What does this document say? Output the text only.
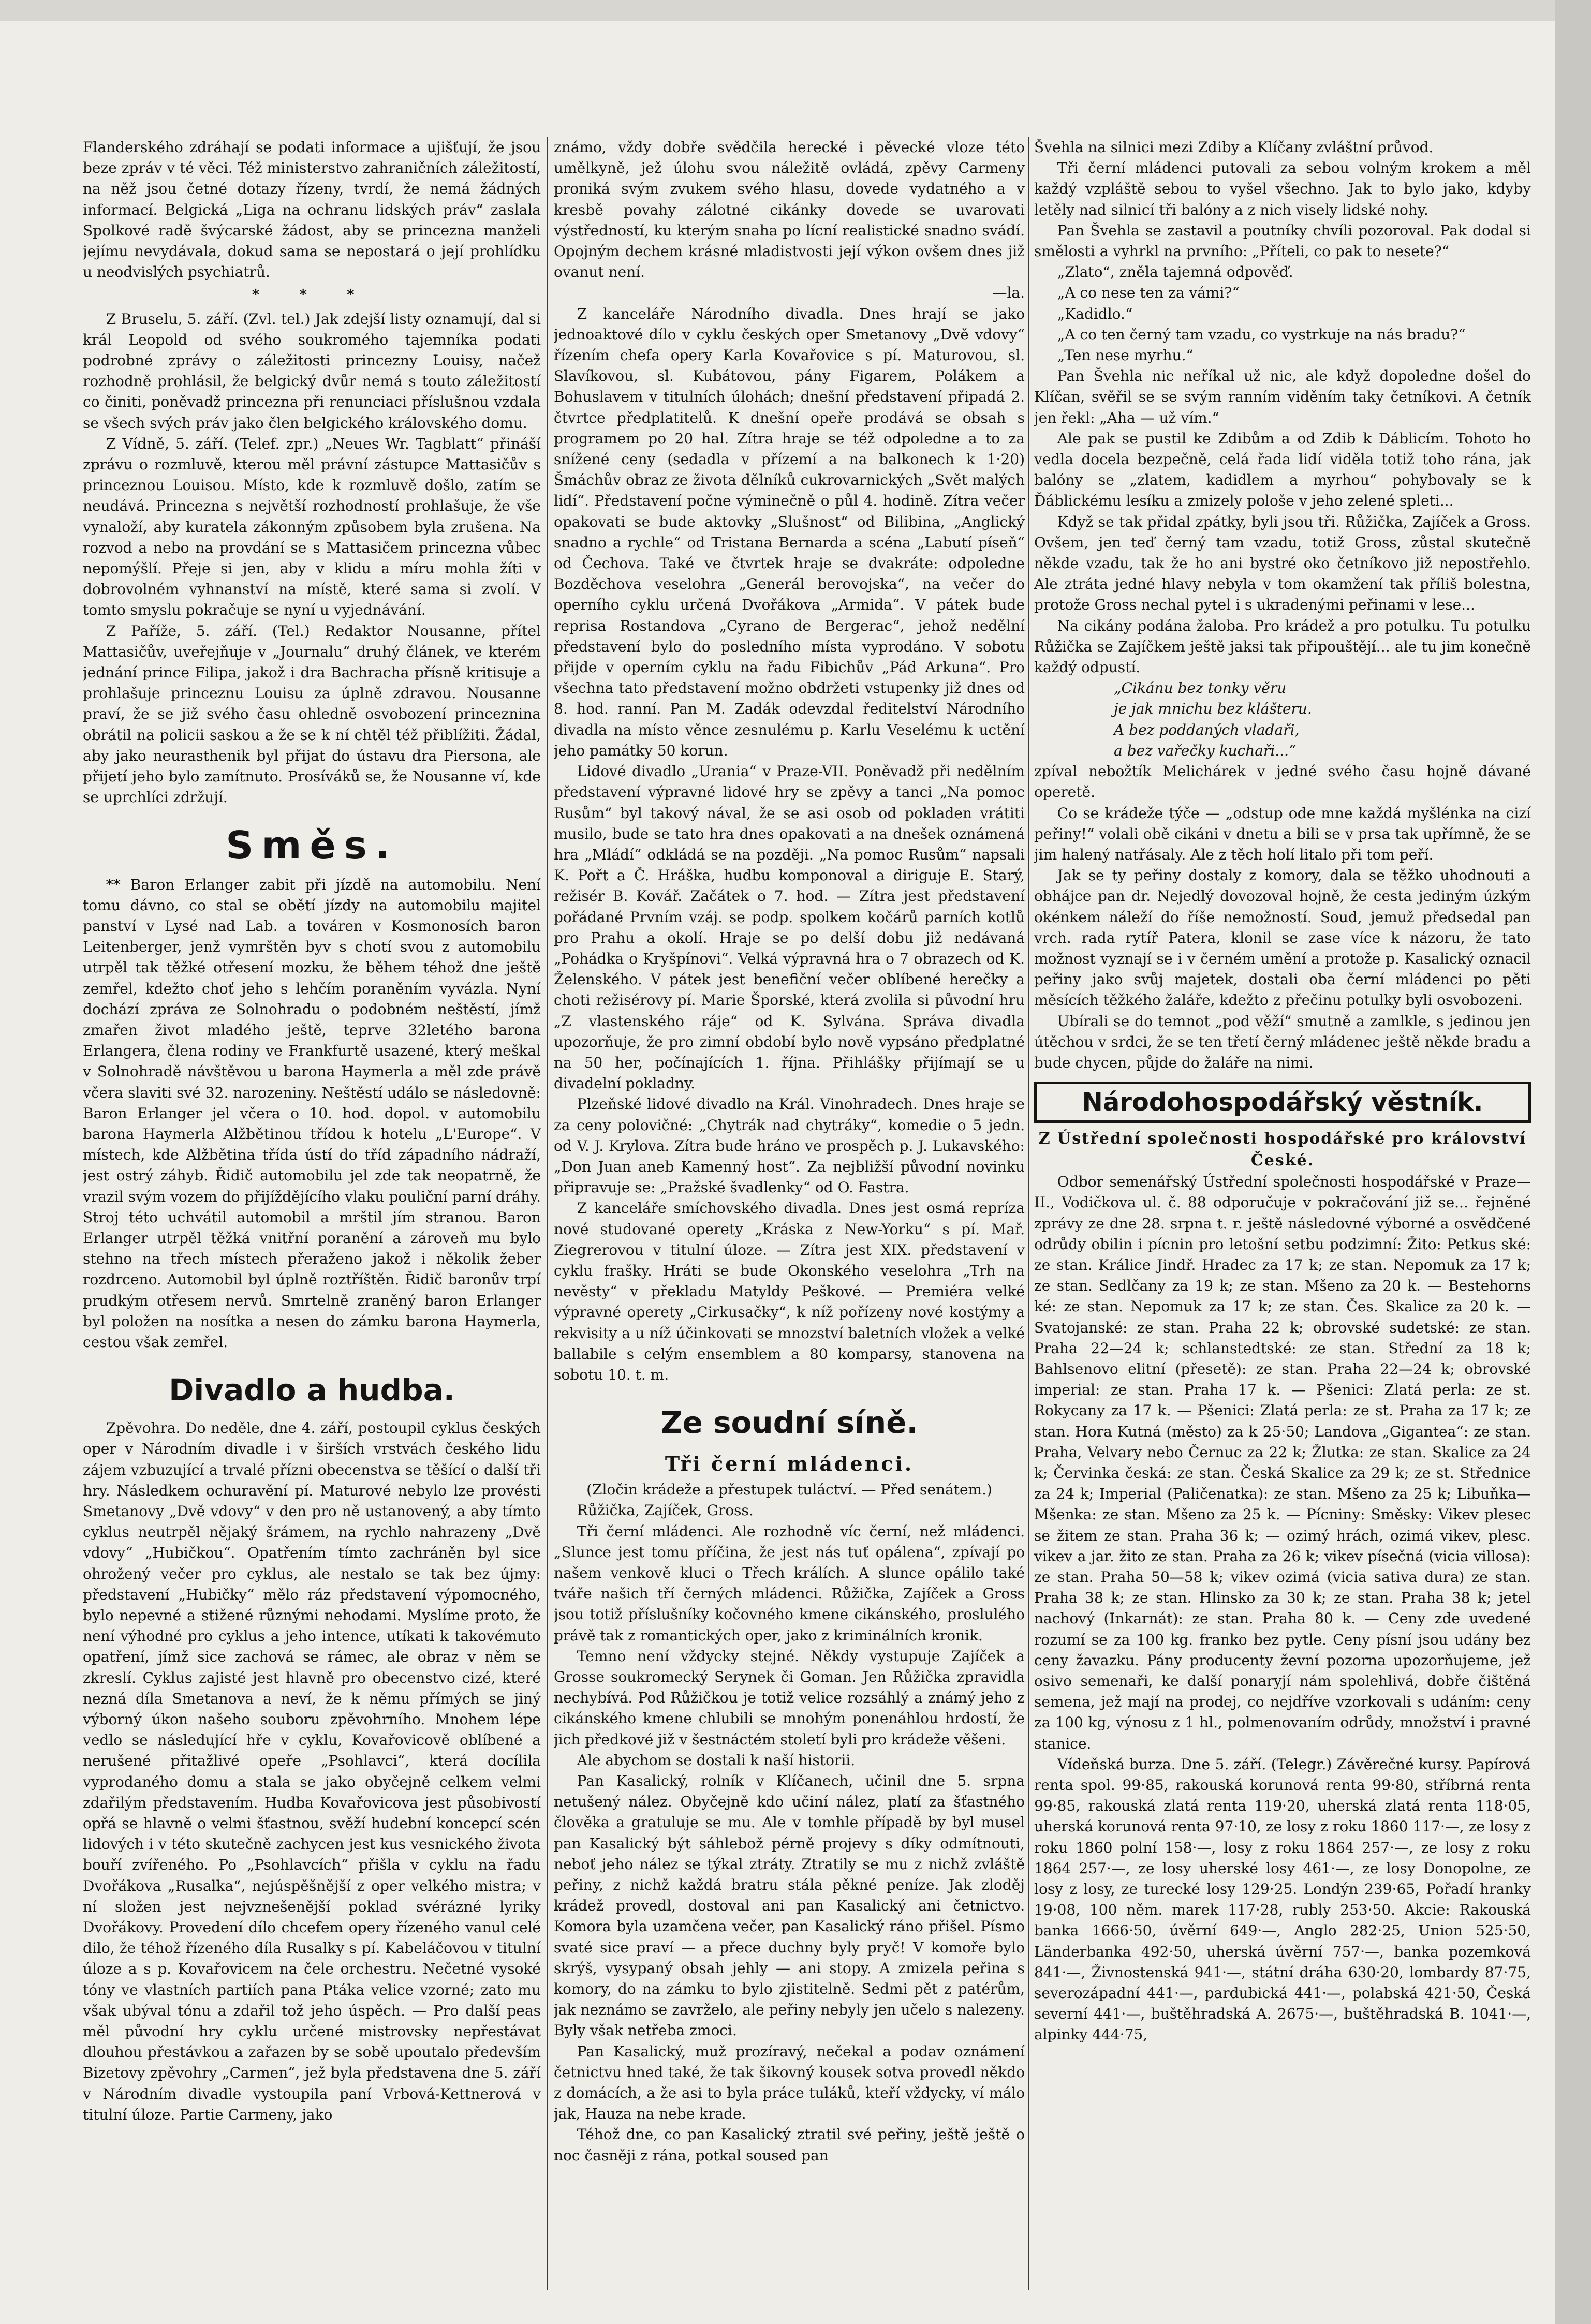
Flanderského zdráhají se podati informace a ujišťují, že jsou beze zpráv v té věci. Též ministerstvo zahraničních záležitostí, na něž jsou četné dotazy řízeny, tvrdí, že nemá žádných informací. Belgická „Liga na ochranu lidských práv“ zaslala Spolkové radě švýcarské žádost, aby se princezna manželi jejímu nevydávala, dokud sama se nepostará o její prohlídku u neodvislých psychiatrů.

* * *

Z Bruselu, 5. září. (Zvl. tel.) Jak zdejší listy oznamují, dal si král Leopold od svého soukromého tajemníka podati podrobné zprávy o záležitosti princezny Louisy, načež rozhodně prohlásil, že belgický dvůr nemá s touto záležitostí co činiti, poněvadž princezna při renunciaci příslušnou vzdala se všech svých práv jako člen belgického královského domu.

Z Vídně, 5. září. (Telef. zpr.) „Neues Wr. Tagblatt“ přináší zprávu o rozmluvě, kterou měl právní zástupce Mattasičův s princeznou Louisou. Místo, kde k rozmluvě došlo, zatím se neudává. Princezna s největší rozhodností prohlašuje, že vše vynaloží, aby kuratela zákonným způsobem byla zrušena. Na rozvod a nebo na provdání se s Mattasičem princezna vůbec nepomýšlí. Přeje si jen, aby v klidu a míru mohla žíti v dobrovolném vyhnanství na místě, které sama si zvolí. V tomto smyslu pokračuje se nyní u vyjednávání.

Z Paříže, 5. září. (Tel.) Redaktor Nousanne, přítel Mattasičův, uveřejňuje v „Journalu“ druhý článek, ve kterém jednání prince Filipa, jakož i dra Bachracha přísně kritisuje a prohlašuje princeznu Louisu za úplně zdravou. Nousanne praví, že se již svého času ohledně osvobození princeznina obrátil na policii saskou a že se k ní chtěl též přiblížiti. Žádal, aby jako neurasthenik byl přijat do ústavu dra Piersona, ale přijetí jeho bylo zamítnuto. Prosíváků se, že Nousanne ví, kde se uprchlíci zdržují.

Směs.

** Baron Erlanger zabit při jízdě na automobilu. Není tomu dávno, co stal se obětí jízdy na automobilu majitel panství v Lysé nad Lab. a továren v Kosmonosích baron Leitenberger, jenž vymrštěn byv s chotí svou z automobilu utrpěl tak těžké otřesení mozku, že během téhož dne ještě zemřel, kdežto choť jeho s lehčím poraněním vyvázla. Nyní dochází zpráva ze Solnohradu o podobném neštěstí, jímž zmařen život mladého ještě, teprve 32letého barona Erlangera, člena rodiny ve Frankfurtě usazené, který meškal v Solnohradě návštěvou u barona Haymerla a měl zde právě včera slaviti své 32. narozeniny. Neštěstí událo se následovně: Baron Erlanger jel včera o 10. hod. dopol. v automobilu barona Haymerla Alžbětinou třídou k hotelu „L'Europe“. V místech, kde Alžbětina třída ústí do tříd západního nádraží, jest ostrý záhyb. Řidič automobilu jel zde tak neopatrně, že vrazil svým vozem do přijíždějícího vlaku pouliční parní dráhy. Stroj této uchvátil automobil a mrštil jím stranou. Baron Erlanger utrpěl těžká vnitřní poranění a zároveň mu bylo stehno na třech místech přeraženo jakož i několik žeber rozdrceno. Automobil byl úplně roztříštěn. Řidič baronův trpí prudkým otřesem nervů. Smrtelně zraněný baron Erlanger byl položen na nosítka a nesen do zámku barona Haymerla, cestou však zemřel.

Divadlo a hudba.

Zpěvohra. Do neděle, dne 4. září, postoupil cyklus českých oper v Národním divadle i v širších vrstvách českého lidu zájem vzbuzující a trvalé přízni obecenstva se těšící o další tři hry. Následkem ochuravění pí. Maturové nebylo lze provésti Smetanovy „Dvě vdovy“ v den pro ně ustanovený, a aby tímto cyklus neutrpěl nějaký šrámem, na rychlo nahrazeny „Dvě vdovy“ „Hubičkou“. Opatřením tímto zachráněn byl sice ohrožený večer pro cyklus, ale nestalo se tak bez újmy: představení „Hubičky“ mělo ráz představení výpomocného, bylo nepevné a stižené různými nehodami. Myslíme proto, že není výhodné pro cyklus a jeho intence, utíkati k takovémuto opatření, jímž sice zachová se rámec, ale obraz v něm se zkreslí. Cyklus zajisté jest hlavně pro obecenstvo cizé, které nezná díla Smetanova a neví, že k němu přímých se jiný výborný úkon našeho souboru zpěvohrního. Mnohem lépe vedlo se následující hře v cyklu, Kovařovicově oblíbené a nerušené přitažlivé opeře „Psohlavci“, která docílila vyprodaného domu a stala se jako obyčejně celkem velmi zdařilým představením. Hudba Kovařovicova jest působivostí opřá se hlavně o velmi šťastnou, svěží hudební koncepcí scén lidových i v této skutečně zachycen jest kus vesnického života bouří zvířeného. Po „Psohlavcích“ přišla v cyklu na řadu Dvořákova „Rusalka“, nejúspěšnější z oper velkého mistra; v ní složen jest nejvznešenější poklad svérázné lyriky Dvořákovy. Provedení dílo chcefem opery řízeného vanul celé dilo, že téhož řízeného díla Rusalky s pí. Kabeláčovou v titulní úloze a s p. Kovařovicem na čele orchestru. Nečetné vysoké tóny ve vlastních partiích pana Ptáka velice vzorné; zato mu však ubýval tónu a zdařil tož jeho úspěch. — Pro další peas měl původní hry cyklu určené mistrovsky nepřestávat dlouhou přestávkou a zařazen by se sobě upoutalo především Bizetovy zpěvohry „Carmen“, jež byla představena dne 5. září v Národním divadle vystoupila paní Vrbová-Kettnerová v titulní úloze. Partie Carmeny, jako

známo, vždy dobře svědčila herecké i pěvecké vloze této umělkyně, jež úlohu svou náležitě ovládá, zpěvy Carmeny proniká svým zvukem svého hlasu, dovede vydatného a v kresbě povahy zálotné cikánky dovede se uvarovati výstředností, ku kterým snaha po lícní realistické snadno svádí. Opojným dechem krásné mladistvosti její výkon ovšem dnes již ovanut není.

—la.

Z kanceláře Národního divadla. Dnes hrají se jako jednoaktové dílo v cyklu českých oper Smetanovy „Dvě vdovy“ řízením chefa opery Karla Kovařovice s pí. Maturovou, sl. Slavíkovou, sl. Kubátovou, pány Figarem, Polákem a Bohuslavem v titulních úlohách; dnešní představení připadá 2. čtvrtce předplatitelů. K dnešní opeře prodává se obsah s programem po 20 hal. Zítra hraje se též odpoledne a to za snížené ceny (sedadla v přízemí a na balkonech k 1·20) Šmáchův obraz ze života dělníků cukrovarnických „Svět malých lidí“. Představení počne výminečně o půl 4. hodině. Zítra večer opakovati se bude aktovky „Slušnost“ od Bilibina, „Anglický snadno a rychle“ od Tristana Bernarda a scéna „Labutí píseň“ od Čechova. Také ve čtvrtek hraje se dvakráte: odpoledne Bozděchova veselohra „Generál berovojska“, na večer do operního cyklu určená Dvořákova „Armida“. V pátek bude reprisa Rostandova „Cyrano de Bergerac“, jehož nedělní představení bylo do posledního místa vyprodáno. V sobotu přijde v operním cyklu na řadu Fibichův „Pád Arkuna“. Pro všechna tato představení možno obdržeti vstupenky již dnes od 8. hod. ranní. Pan M. Zadák odevzdal ředitelství Národního divadla na místo věnce zesnulému p. Karlu Veselému k uctění jeho památky 50 korun.

Lidové divadlo „Urania“ v Praze-VII. Poněvadž při nedělním představení výpravné lidové hry se zpěvy a tanci „Na pomoc Rusům“ byl takový nával, že se asi osob od pokladen vrátiti musilo, bude se tato hra dnes opakovati a na dnešek oznámená hra „Mládí“ odkládá se na později. „Na pomoc Rusům“ napsali K. Pořt a Č. Hráška, hudbu komponoval a diriguje E. Starý, režisér B. Kovář. Začátek o 7. hod. — Zítra jest představení pořádané Prvním vzáj. se podp. spolkem kočárů parních kotlů pro Prahu a okolí. Hraje se po delší dobu již nedávaná „Pohádka o Kryšpínovi“. Velká výpravná hra o 7 obrazech od K. Želenského. V pátek jest benefiční večer oblíbené herečky a choti režisérovy pí. Marie Šporské, která zvolila si původní hru „Z vlastenského ráje“ od K. Sylvána. Správa divadla upozorňuje, že pro zimní období bylo nově vypsáno předplatné na 50 her, počínajících 1. října. Přihlášky přijímají se u divadelní pokladny.

Plzeňské lidové divadlo na Král. Vinohradech. Dnes hraje se za ceny polovičné: „Chytrák nad chytráky“, komedie o 5 jedn. od V. J. Krylova. Zítra bude hráno ve prospěch p. J. Lukavského: „Don Juan aneb Kamenný host“. Za nejbližší původní novinku připravuje se: „Pražské švadlenky“ od O. Fastra.

Z kanceláře smíchovského divadla. Dnes jest osmá repríza nové studované operety „Kráska z New-Yorku“ s pí. Mař. Ziegrerovou v titulní úloze. — Zítra jest XIX. představení v cyklu frašky. Hráti se bude Okonského veselohra „Trh na nevěsty“ v překladu Matyldy Peškové. — Premiéra velké výpravné operety „Cirkusačky“, k níž pořízeny nové kostýmy a rekvisity a u níž účinkovati se mnozství baletních vložek a velké ballabile s celým ensemblem a 80 komparsy, stanovena na sobotu 10. t. m.

Ze soudní síně.
Tři černí mládenci.

(Zločin krádeže a přestupek tuláctví. — Před senátem.)

Růžička, Zajíček, Gross.

Tři černí mládenci. Ale rozhodně víc černí, než mládenci. „Slunce jest tomu příčina, že jest nás tuť opálena“, zpívají po našem venkově kluci o Třech králích. A slunce opálilo také tváře našich tří černých mládenci. Růžička, Zajíček a Gross jsou totiž příslušníky kočovného kmene cikánského, proslulého právě tak z romantických oper, jako z kriminálních kronik.

Temno není vždycky stejné. Někdy vystupuje Zajíček a Grosse soukromecký Serynek či Goman. Jen Růžička zpravidla nechybívá. Pod Růžičkou je totiž velice rozsáhlý a známý jeho z cikánského kmene chlubili se mnohým ponenáhlou hrdostí, že jich předkové již v šestnáctém století byli pro krádeže věšeni.

Ale abychom se dostali k naší historii.

Pan Kasalický, rolník v Klíčanech, učinil dne 5. srpna netušený nález. Obyčejně kdo učiní nález, platí za šťastného člověka a gratuluje se mu. Ale v tomhle případě by byl musel pan Kasalický být sáhlebož pérně projevy s díky odmítnouti, neboť jeho nález se týkal ztráty. Ztratily se mu z nichž zvláště peřiny, z nichž každá bratru stála pěkné peníze. Jak zloděj krádež provedl, dostoval ani pan Kasalický ani četnictvo. Komora byla uzamčena večer, pan Kasalický ráno přišel. Písmo svaté sice praví — a přece duchny byly pryč! V komoře bylo skrýš, vysypaný obsah jehly — ani stopy. A zmizela peřina s komory, do na zámku to bylo zjistitelně. Sedmi pět z patérům, jak neznámo se zavrželo, ale peřiny nebyly jen učelo s nalezeny. Byly však netřeba zmoci.

Pan Kasalický, muž prozíravý, nečekal a podav oznámení četnictvu hned také, že tak šikovný kousek sotva provedl někdo z domácích, a že asi to byla práce tuláků, kteří vždycky, ví málo jak, Hauza na nebe krade.

Téhož dne, co pan Kasalický ztratil své peřiny, ještě ještě o noc časněji z rána, potkal soused pan

Švehla na silnici mezi Zdiby a Klíčany zvláštní průvod.

Tři černí mládenci putovali za sebou volným krokem a měl každý vzpláště sebou to vyšel všechno. Jak to bylo jako, kdyby letěly nad silnicí tři balóny a z nich visely lidské nohy.

Pan Švehla se zastavil a poutníky chvíli pozoroval. Pak dodal si smělosti a vyhrkl na prvního: „Příteli, co pak to nesete?“

„Zlato“, zněla tajemná odpověď.

„A co nese ten za vámi?“

„Kadidlo.“

„A co ten černý tam vzadu, co vystrkuje na nás bradu?“

„Ten nese myrhu.“

Pan Švehla nic neříkal už nic, ale když dopoledne došel do Klíčan, svěřil se se svým ranním viděním taky četníkovi. A četník jen řekl: „Aha — už vím.“

Ale pak se pustil ke Zdibům a od Zdib k Dáblicím. Tohoto ho vedla docela bezpečně, celá řada lidí viděla totiž toho rána, jak balóny se „zlatem, kadidlem a myrhou“ pohybovaly se k Ďáblickému lesíku a zmizely pološe v jeho zelené spleti...

Když se tak přidal zpátky, byli jsou tři. Růžička, Zajíček a Gross. Ovšem, jen teď černý tam vzadu, totiž Gross, zůstal skutečně někde vzadu, tak že ho ani bystré oko četníkovo již nepostřehlo. Ale ztráta jedné hlavy nebyla v tom okamžení tak příliš bolestna, protože Gross nechal pytel i s ukradenými peřinami v lese...

Na cikány podána žaloba. Pro krádež a pro potulku. Tu potulku Růžička se Zajíčkem ještě jaksi tak připouštějí... ale tu jim konečně každý odpustí.

„Cikánu bez tonky věru

je jak mnichu bez klášteru.

A bez poddaných vladaři,

a bez vařečky kuchaři...“

zpíval nebožtík Melichárek v jedné svého času hojně dávané operetě.

Co se krádeže týče — „odstup ode mne každá myšlénka na cizí peřiny!“ volali obě cikáni v dnetu a bili se v prsa tak upřímně, že se jim halený natřásaly. Ale z těch holí litalo při tom peří.

Jak se ty peřiny dostaly z komory, dala se těžko uhodnouti a obhájce pan dr. Nejedlý dovozoval hojně, že cesta jediným úzkým okénkem náleží do říše nemožností. Soud, jemuž předsedal pan vrch. rada rytíř Patera, klonil se zase více k názoru, že tato možnost vyznají se i v černém umění a protože p. Kasalický oznacil peřiny jako svůj majetek, dostali oba černí mládenci po pěti měsících těžkého žaláře, kdežto z přečinu potulky byli osvobozeni.

Ubírali se do temnot „pod věží“ smutně a zamlkle, s jedinou jen útěchou v srdci, že se ten třetí černý mládenec ještě někde bradu a bude chycen, půjde do žaláře na nimi.

Národohospodářský věstník.
Z Ústřední společnosti hospodářské pro království České.

Odbor semenářský Ústřední společnosti hospodářské v Praze—II., Vodičkova ul. č. 88 odporučuje v pokračování již se... řejněné zprávy ze dne 28. srpna t. r. ještě následovné výborné a osvědčené odrůdy obilin i pícnin pro letošní setbu podzimní: Žito: Petkus ské: ze stan. Králice Jindř. Hradec za 17 k; ze stan. Nepomuk za 17 k; ze stan. Sedlčany za 19 k; ze stan. Mšeno za 20 k. — Bestehorns ké: ze stan. Nepomuk za 17 k; ze stan. Čes. Skalice za 20 k. — Svatojanské: ze stan. Praha 22 k; obrovské sudetské: ze stan. Praha 22—24 k; schlanstedtské: ze stan. Střední za 18 k; Bahlsenovo elitní (přesetě): ze stan. Praha 22—24 k; obrovské imperial: ze stan. Praha 17 k. — Pšenici: Zlatá perla: ze st. Rokycany za 17 k. — Pšenici: Zlatá perla: ze st. Praha za 17 k; ze stan. Hora Kutná (město) za k 25·50; Landova „Gigantea“: ze stan. Praha, Velvary nebo Černuc za 22 k; Žlutka: ze stan. Skalice za 24 k; Červinka česká: ze stan. Česká Skalice za 29 k; ze st. Střednice za 24 k; Imperial (Paličenatka): ze stan. Mšeno za 25 k; Libuňka—Mšenka: ze stan. Mšeno za 25 k. — Pícniny: Směsky: Vikev plesec se žitem ze stan. Praha 36 k; — ozimý hrách, ozimá vikev, plesc. vikev a jar. žito ze stan. Praha za 26 k; vikev písečná (vicia villosa): ze stan. Praha 50—58 k; vikev ozimá (vicia sativa dura) ze stan. Praha 38 k; ze stan. Hlinsko za 30 k; ze stan. Praha 38 k; jetel nachový (Inkarnát): ze stan. Praha 80 k. — Ceny zde uvedené rozumí se za 100 kg. franko bez pytle. Ceny písní jsou udány bez ceny žavazku. Pány producenty ževní pozorna upozorňujeme, jež osivo semenaři, ke další ponaryjí nám spolehlivá, dobře čištěná semena, jež mají na prodej, co nejdříve vzorkovali s udáním: ceny za 100 kg, výnosu z 1 hl., polmenovaním odrůdy, množství i pravné stanice.

Vídeňská burza. Dne 5. září. (Telegr.) Závěrečné kursy. Papírová renta spol. 99·85, rakouská korunová renta 99·80, stříbrná renta 99·85, rakouská zlatá renta 119·20, uherská zlatá renta 118·05, uherská korunová renta 97·10, ze losy z roku 1860 117·—, ze losy z roku 1860 polní 158·—, losy z roku 1864 257·—, ze losy z roku 1864 257·—, ze losy uherské losy 461·—, ze losy Donopolne, ze losy z losy, ze turecké losy 129·25. Londýn 239·65, Pořadí hranky 19·08, 100 něm. marek 117·28, rubly 253·50. Akcie: Rakouská banka 1666·50, úvěrní 649·—, Anglo 282·25, Union 525·50, Länderbanka 492·50, uherská úvěrní 757·—, banka pozemková 841·—, Živnostenská 941·—, státní dráha 630·20, lombardy 87·75, severozápadní 441·—, pardubická 441·—, polabská 421·50, Česká severní 441·—, buštěhradská A. 2675·—, buštěhradská B. 1041·—, alpinky 444·75,
